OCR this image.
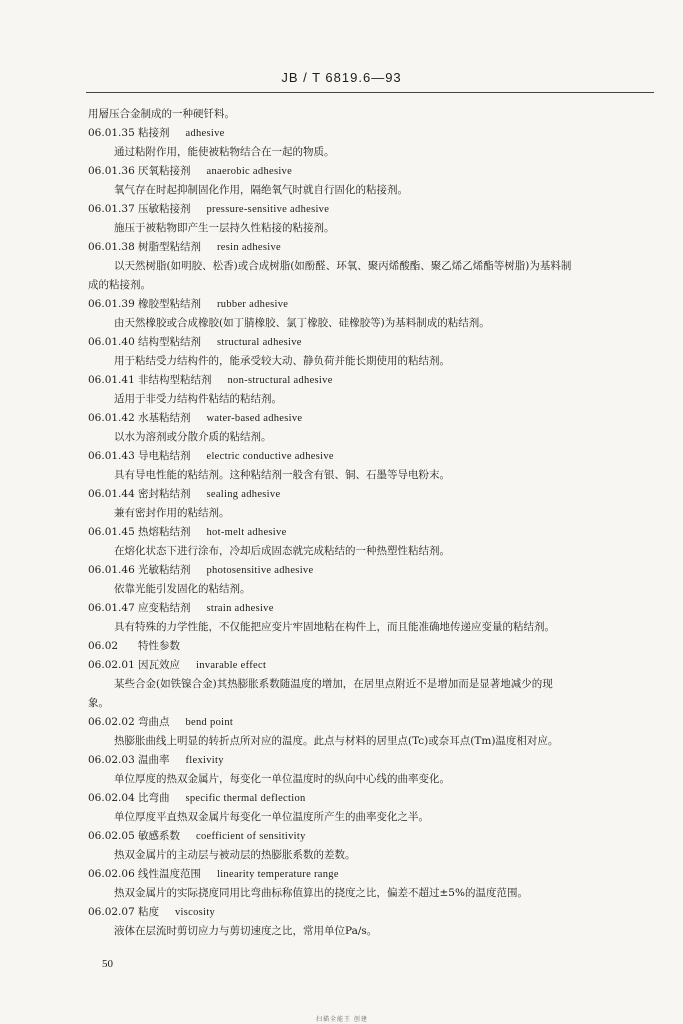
JB / T 6819.6—93
用層压合金制成的一种硬钎料。
06.01.35 粘接剂 adhesive
通过粘附作用，能使被粘物结合在一起的物质。
06.01.36 厌氧粘接剂 anaerobic adhesive
氧气存在时起抑制固化作用，隔绝氧气时就自行固化的粘接剂。
06.01.37 压敏粘接剂 pressure-sensitive adhesive
施压于被粘物即产生一层持久性粘接的粘接剂。
06.01.38 树脂型粘结剂 resin adhesive
以天然树脂(如明胶、松香)或合成树脂(如酚醛、环氧、聚丙烯酸酯、聚乙烯乙烯酯等树脂)为基料制
成的粘接剂。
06.01.39 橡胶型粘结剂 rubber adhesive
由天然橡胶或合成橡胶(如丁腈橡胶、氯丁橡胶、硅橡胶等)为基料制成的粘结剂。
06.01.40 结构型粘结剂 structural adhesive
用于粘结受力结构件的，能承受较大动、静负荷并能长期使用的粘结剂。
06.01.41 非结构型粘结剂 non-structural adhesive
适用于非受力结构件粘结的粘结剂。
06.01.42 水基粘结剂 water-based adhesive
以水为溶剂或分散介质的粘结剂。
06.01.43 导电粘结剂 electric conductive adhesive
具有导电性能的粘结剂。这种粘结剂一般含有银、铜、石墨等导电粉末。
06.01.44 密封粘结剂 sealing adhesive
兼有密封作用的粘结剂。
06.01.45 热熔粘结剂 hot-melt adhesive
在熔化状态下进行涂布，冷却后成固态就完成粘结的一种热塑性粘结剂。
06.01.46 光敏粘结剂 photosensitive adhesive
依靠光能引发固化的粘结剂。
06.01.47 应变粘结剂 strain adhesive
具有特殊的力学性能，不仅能把应变片牢固地粘在构件上，而且能准确地传递应变量的粘结剂。
06.02 特性参数
06.02.01 因瓦效应 invarable effect
某些合金(如铁镍合金)其热膨胀系数随温度的增加，在居里点附近不是增加而是显著地减少的现
象。
06.02.02 弯曲点 bend point
热膨胀曲线上明显的转折点所对应的温度。此点与材料的居里点(Tc)或奈耳点(Tm)温度相对应。
06.02.03 温曲率 flexivity
单位厚度的热双金属片，每变化一单位温度时的纵向中心线的曲率变化。
06.02.04 比弯曲 specific thermal deflection
单位厚度平直热双金属片每变化一单位温度所产生的曲率变化之半。
06.02.05 敏感系数 coefficient of sensitivity
热双金属片的主动层与被动层的热膨胀系数的差数。
06.02.06 线性温度范围 linearity temperature range
热双金属片的实际挠度同用比弯曲标称值算出的挠度之比，偏差不超过±5%的温度范围。
06.02.07 粘度 viscosity
液体在层流时剪切应力与剪切速度之比，常用单位Pa/s。
50
扫描全能王 创建
